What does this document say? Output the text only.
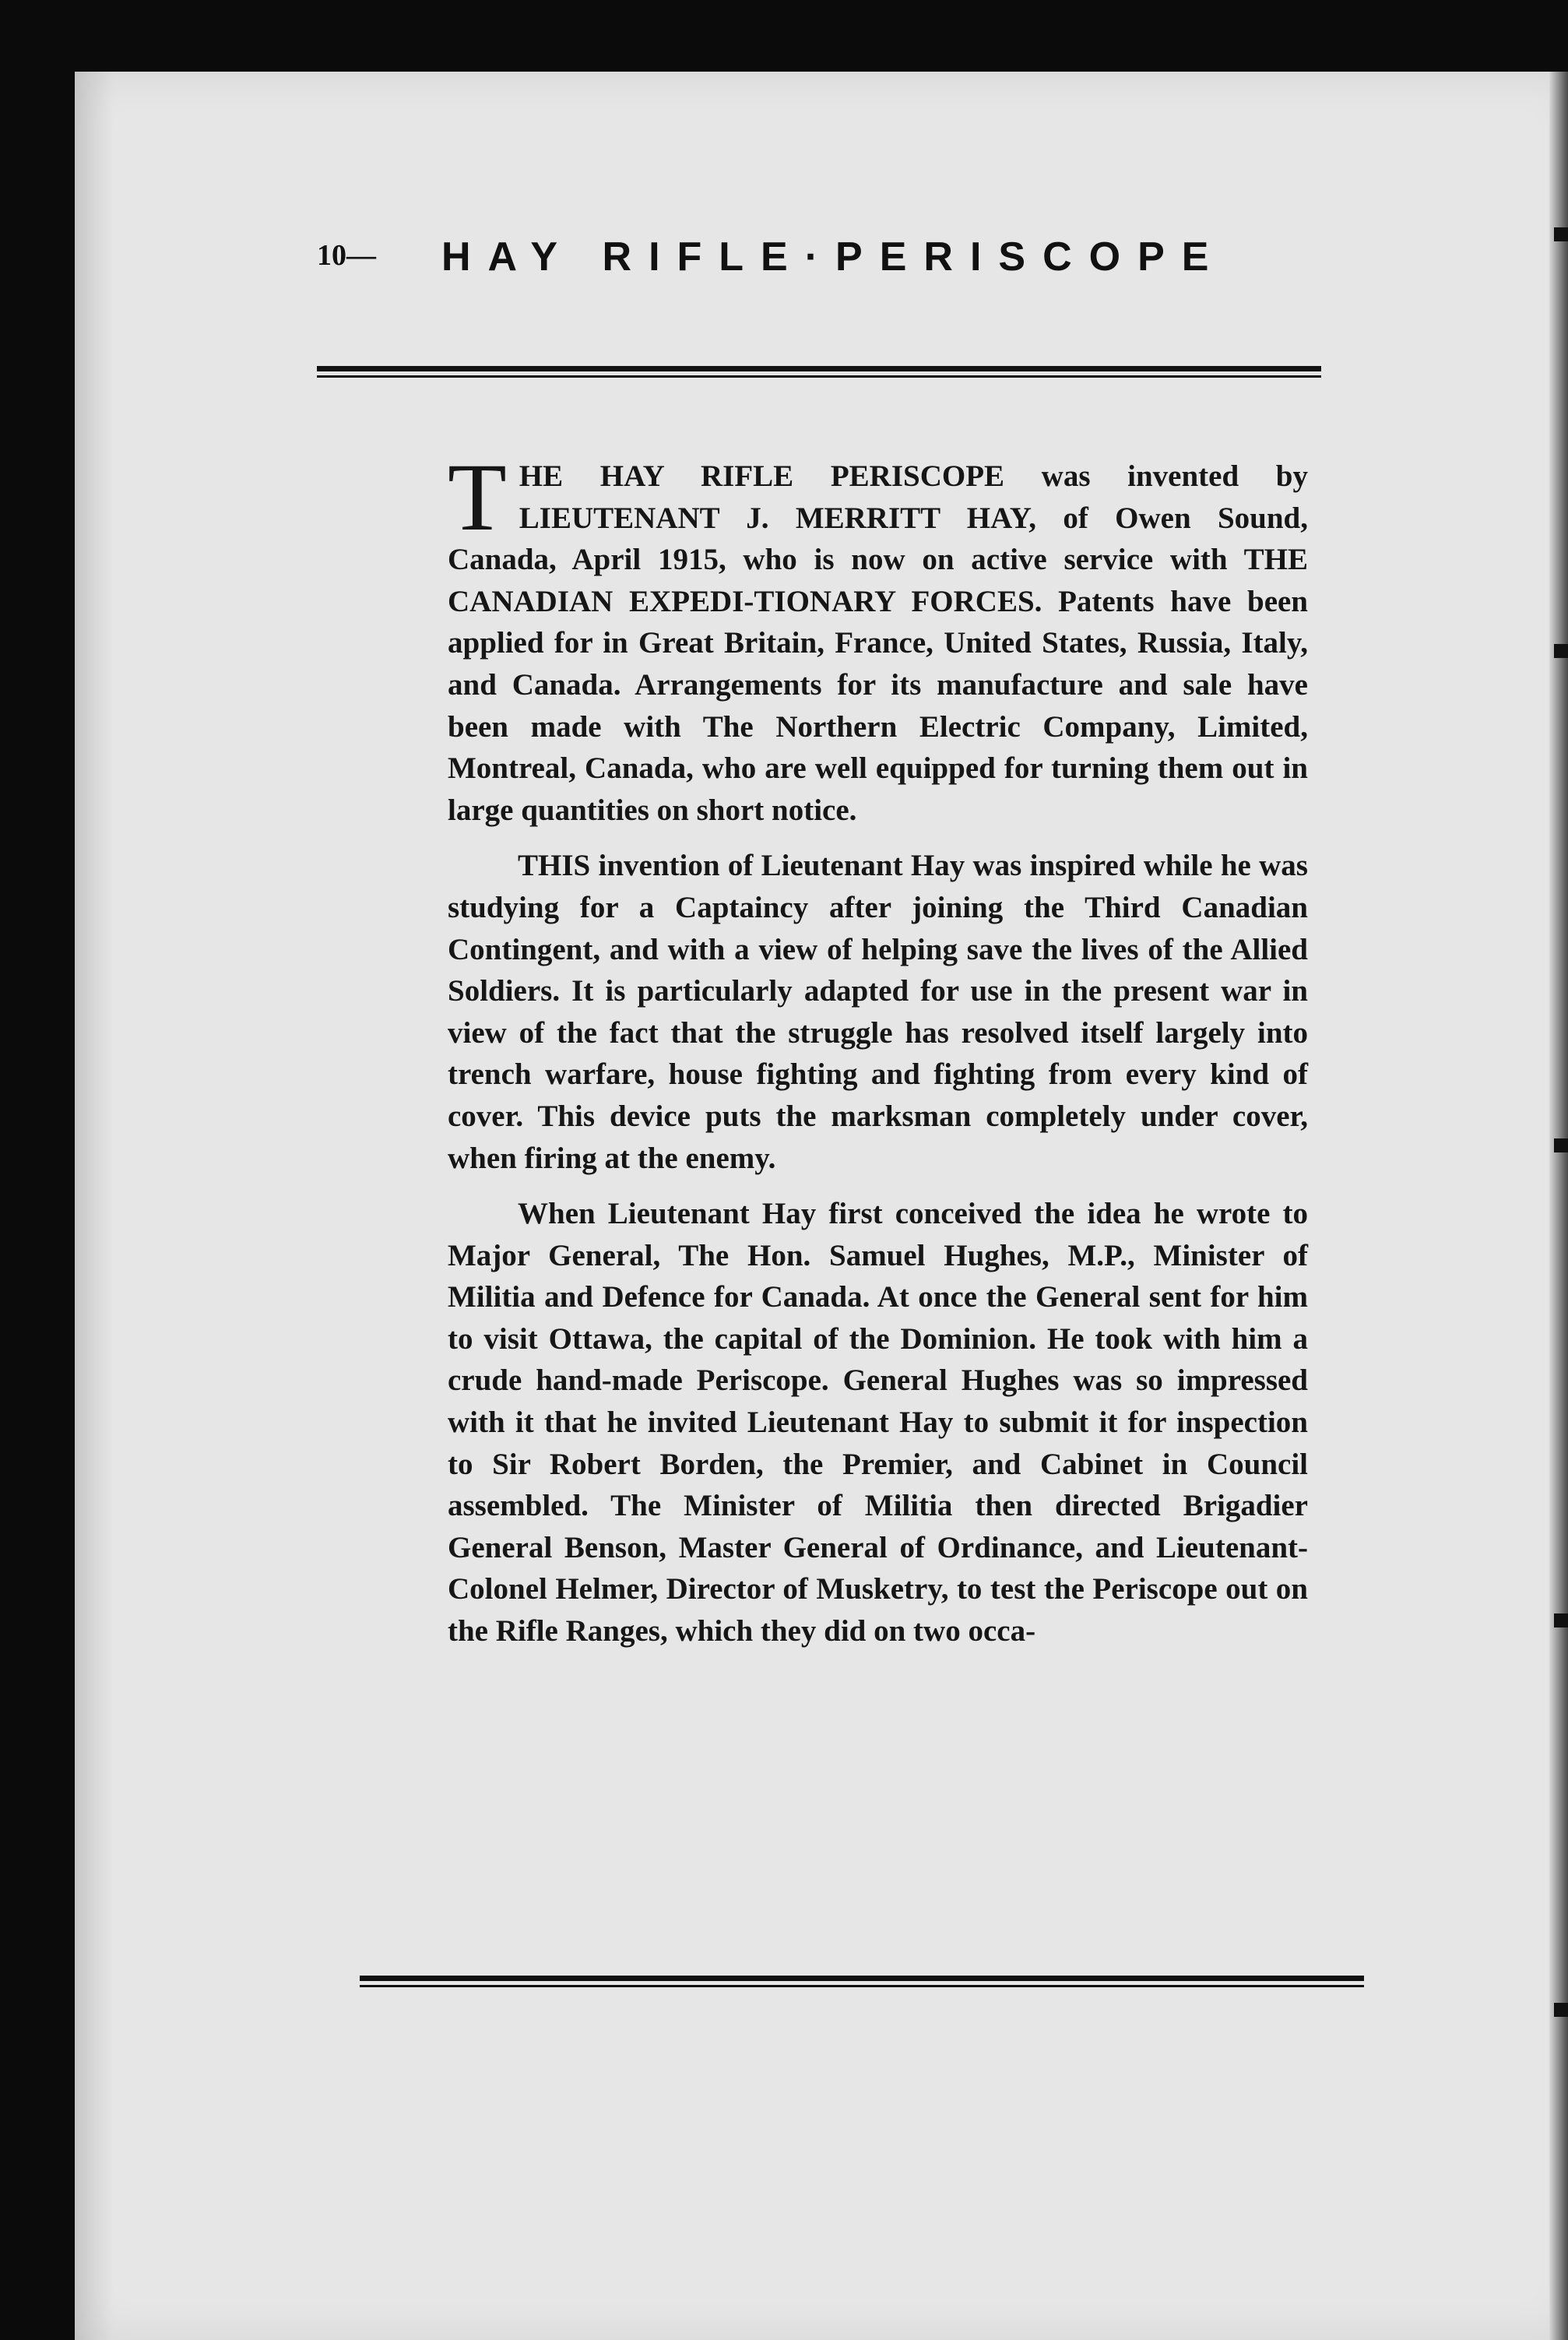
10— HAY RIFLE·PERISCOPE

T HE HAY RIFLE PERISCOPE was invented by LIEUTENANT J. MERRITT HAY, of Owen Sound, Canada, April 1915, who is now on active service with THE CANADIAN EXPEDI-TIONARY FORCES. Patents have been applied for in Great Britain, France, United States, Russia, Italy, and Canada. Arrangements for its manufacture and sale have been made with The Northern Electric Company, Limited, Montreal, Canada, who are well equipped for turning them out in large quantities on short notice.

THIS invention of Lieutenant Hay was inspired while he was studying for a Captaincy after joining the Third Canadian Contingent, and with a view of helping save the lives of the Allied Soldiers. It is particularly adapted for use in the present war in view of the fact that the struggle has resolved itself largely into trench warfare, house fighting and fighting from every kind of cover. This device puts the marksman completely under cover, when firing at the enemy.

When Lieutenant Hay first conceived the idea he wrote to Major General, The Hon. Samuel Hughes, M.P., Minister of Militia and Defence for Canada. At once the General sent for him to visit Ottawa, the capital of the Dominion. He took with him a crude hand-made Periscope. General Hughes was so impressed with it that he invited Lieutenant Hay to submit it for inspection to Sir Robert Borden, the Premier, and Cabinet in Council assembled. The Minister of Militia then directed Brigadier General Benson, Master General of Ordinance, and Lieutenant-Colonel Helmer, Director of Musketry, to test the Periscope out on the Rifle Ranges, which they did on two occa-
